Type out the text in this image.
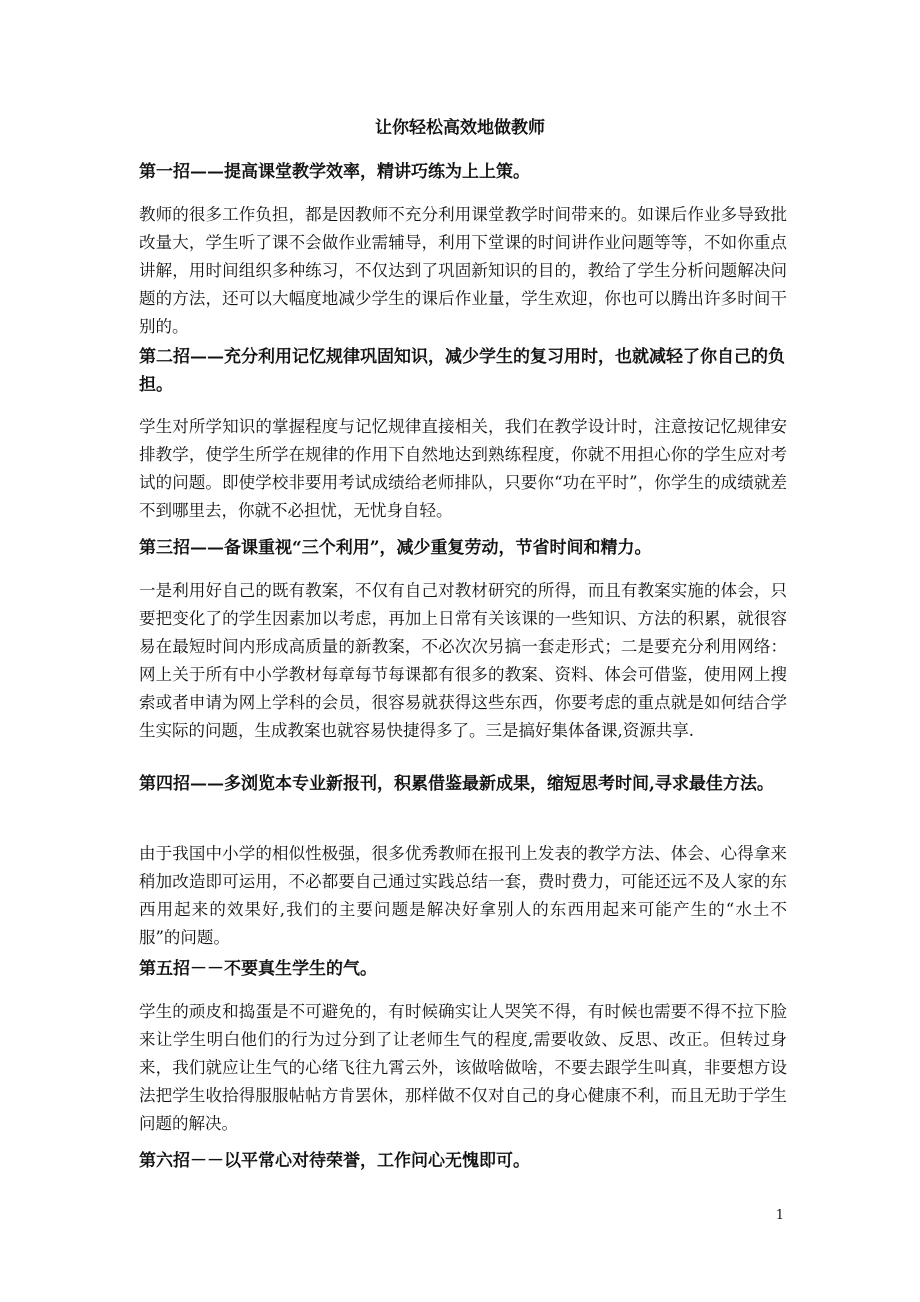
让你轻松高效地做教师
第一招——提高课堂教学效率，精讲巧练为上上策。
教师的很多工作负担，都是因教师不充分利用课堂教学时间带来的。如课后作业多导致批改量大，学生听了课不会做作业需辅导，利用下堂课的时间讲作业问题等等，不如你重点讲解，用时间组织多种练习，不仅达到了巩固新知识的目的，教给了学生分析问题解决问题的方法，还可以大幅度地减少学生的课后作业量，学生欢迎，你也可以腾出许多时间干别的。
第二招——充分利用记忆规律巩固知识，减少学生的复习用时，也就减轻了你自己的负担。
学生对所学知识的掌握程度与记忆规律直接相关，我们在教学设计时，注意按记忆规律安排教学，使学生所学在规律的作用下自然地达到熟练程度，你就不用担心你的学生应对考试的问题。即使学校非要用考试成绩给老师排队，只要你“功在平时”，你学生的成绩就差不到哪里去，你就不必担忧，无忧身自轻。
第三招——备课重视“三个利用”，减少重复劳动，节省时间和精力。
一是利用好自己的既有教案，不仅有自己对教材研究的所得，而且有教案实施的体会，只要把变化了的学生因素加以考虑，再加上日常有关该课的一些知识、方法的积累，就很容易在最短时间内形成高质量的新教案，不必次次另搞一套走形式；二是要充分利用网络：网上关于所有中小学教材每章每节每课都有很多的教案、资料、体会可借鉴，使用网上搜索或者申请为网上学科的会员，很容易就获得这些东西，你要考虑的重点就是如何结合学生实际的问题，生成教案也就容易快捷得多了。三是搞好集体备课,资源共享.
第四招——多浏览本专业新报刊，积累借鉴最新成果，缩短思考时间,寻求最佳方法。
由于我国中小学的相似性极强，很多优秀教师在报刊上发表的教学方法、体会、心得拿来稍加改造即可运用，不必都要自己通过实践总结一套，费时费力，可能还远不及人家的东西用起来的效果好,我们的主要问题是解决好拿别人的东西用起来可能产生的“水土不服”的问题。
第五招－－不要真生学生的气。
学生的顽皮和捣蛋是不可避免的，有时候确实让人哭笑不得，有时候也需要不得不拉下脸来让学生明白他们的行为过分到了让老师生气的程度,需要收敛、反思、改正。但转过身来，我们就应让生气的心绪飞往九霄云外，该做啥做啥，不要去跟学生叫真，非要想方设法把学生收拾得服服帖帖方肯罢休，那样做不仅对自己的身心健康不利，而且无助于学生问题的解决。
第六招－－以平常心对待荣誉，工作问心无愧即可。
1
